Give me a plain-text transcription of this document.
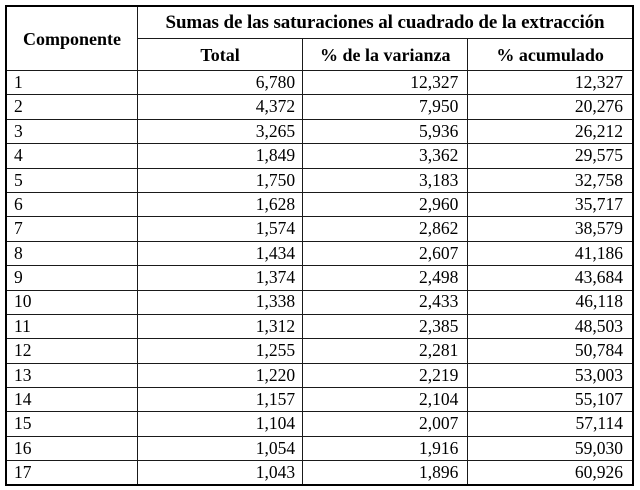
Componente	Sumas de las saturaciones al cuadrado de la extracción		
	Total	% de la varianza	% acumulado
1	6,780	12,327	12,327
2	4,372	7,950	20,276
3	3,265	5,936	26,212
4	1,849	3,362	29,575
5	1,750	3,183	32,758
6	1,628	2,960	35,717
7	1,574	2,862	38,579
8	1,434	2,607	41,186
9	1,374	2,498	43,684
10	1,338	2,433	46,118
11	1,312	2,385	48,503
12	1,255	2,281	50,784
13	1,220	2,219	53,003
14	1,157	2,104	55,107
15	1,104	2,007	57,114
16	1,054	1,916	59,030
17	1,043	1,896	60,926
